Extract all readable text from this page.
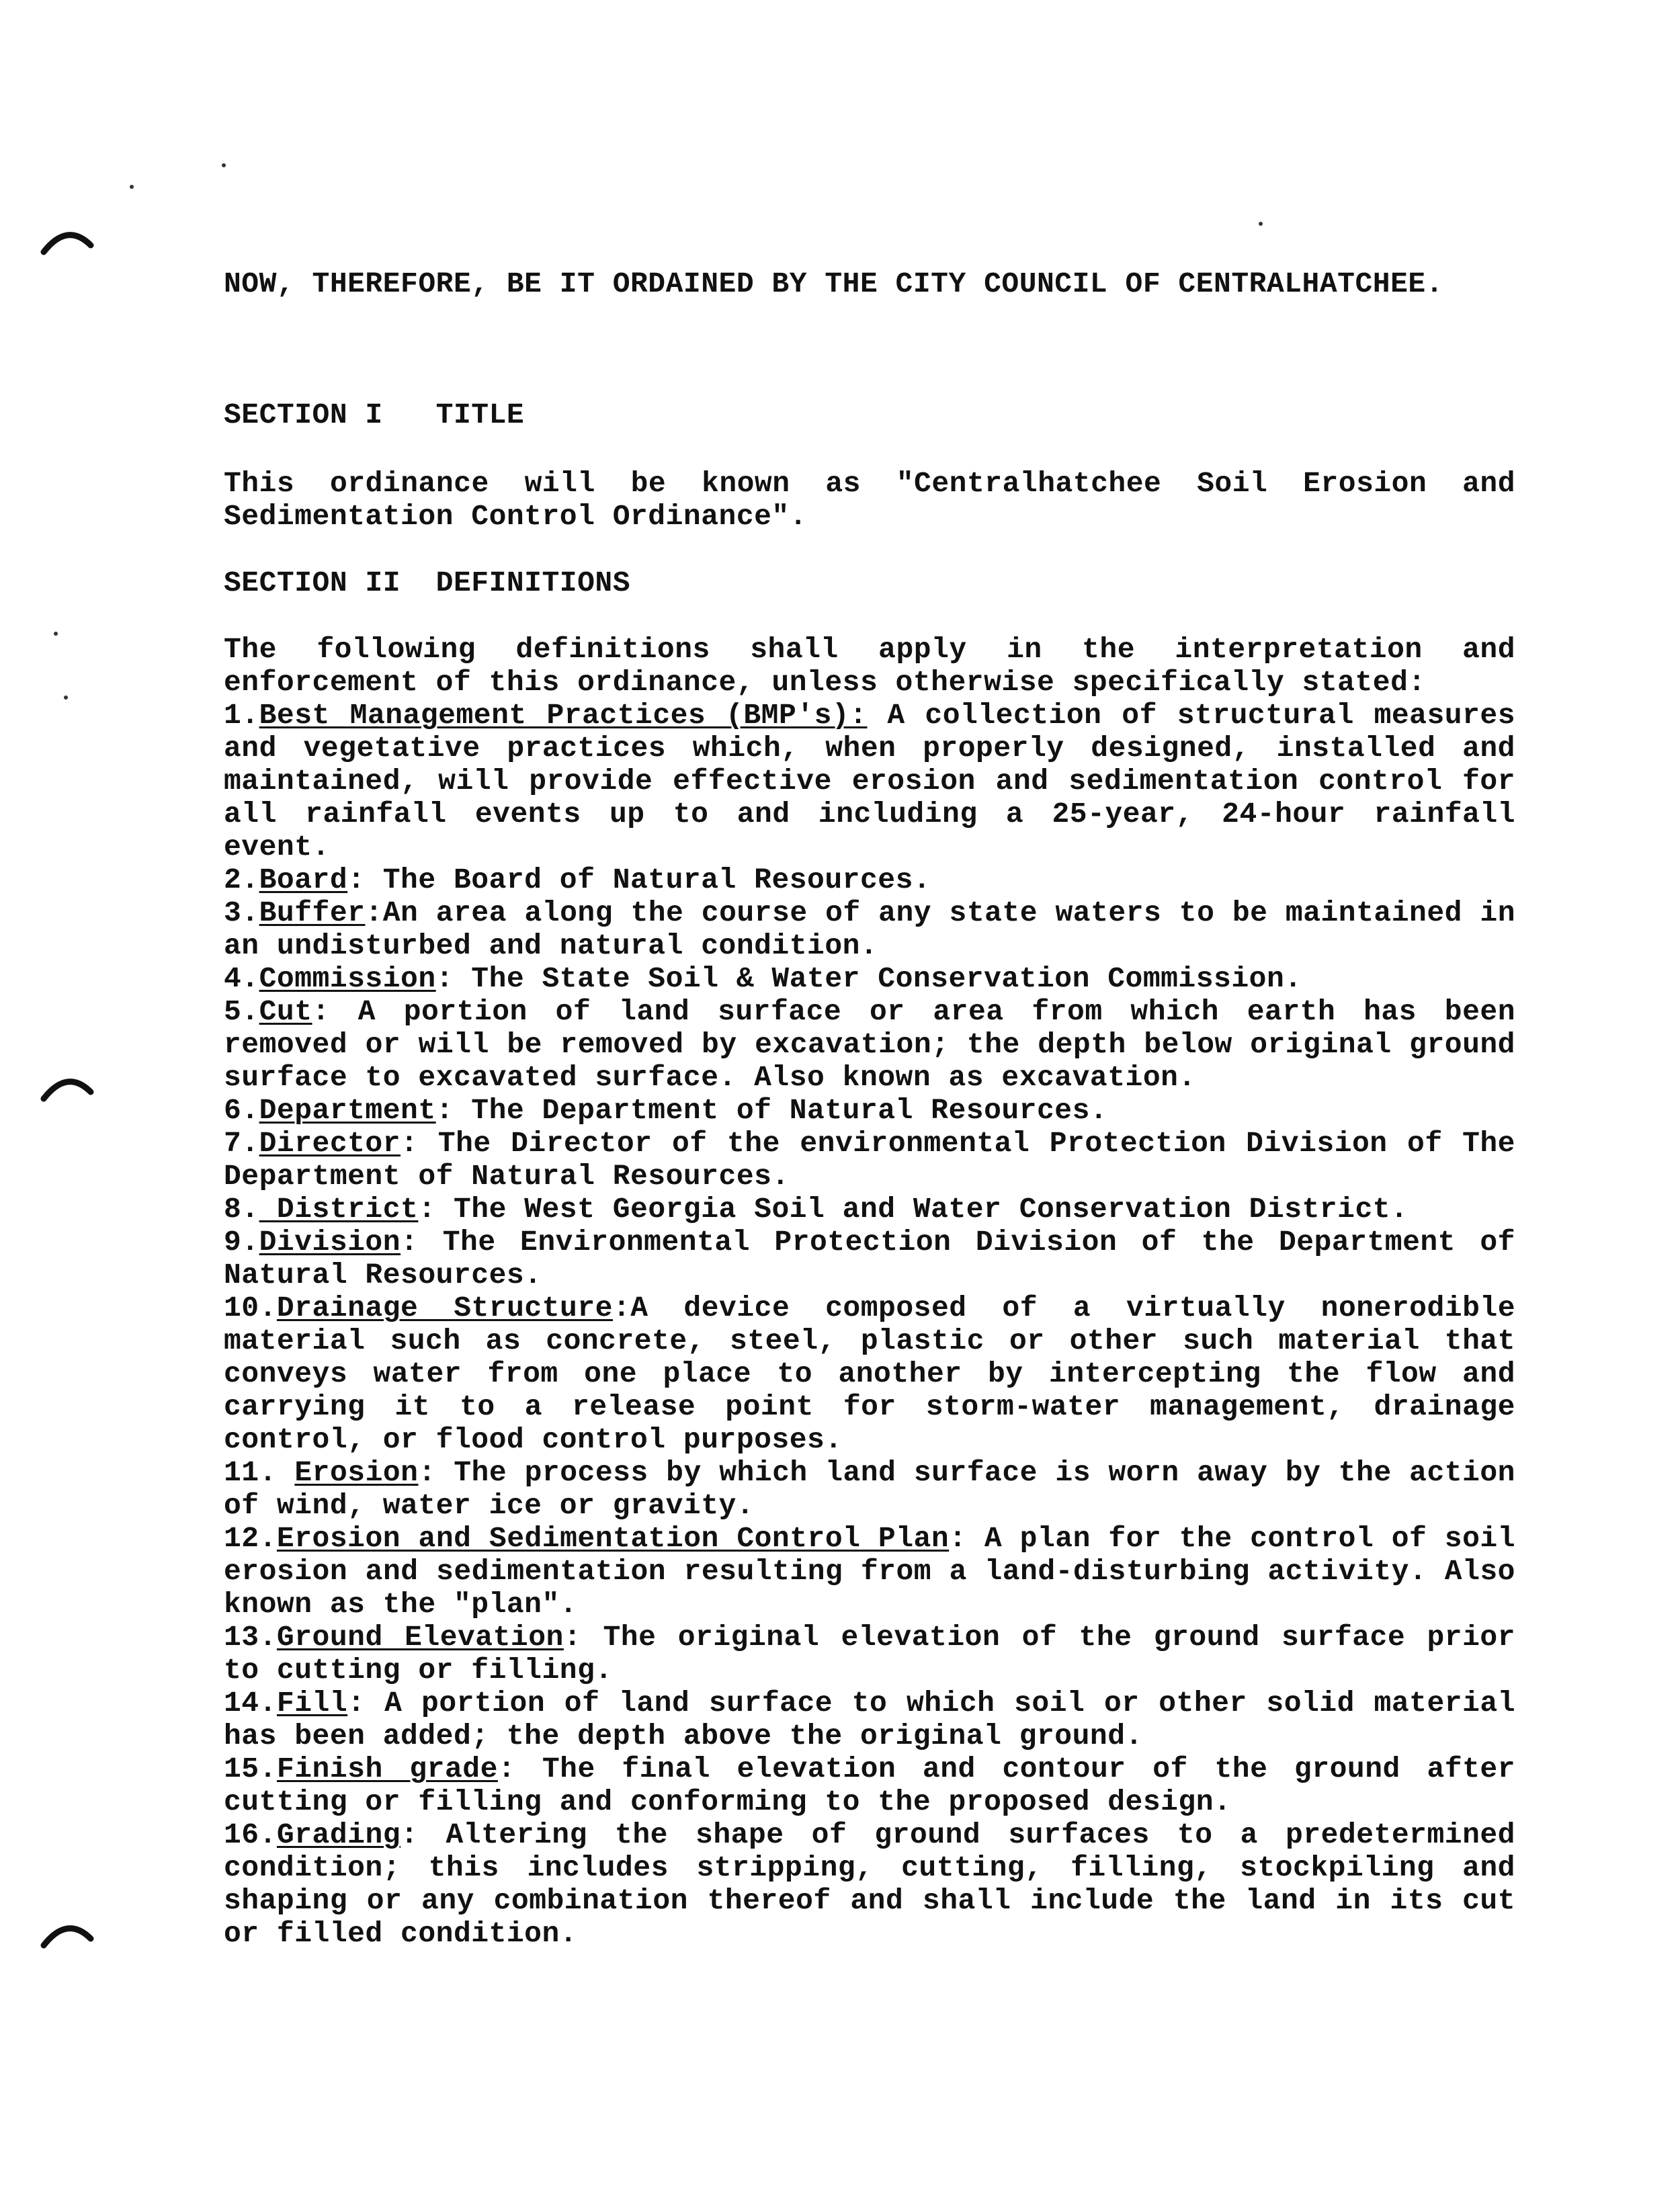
NOW, THEREFORE, BE IT ORDAINED BY THE CITY COUNCIL OF CENTRALHATCHEE.
SECTION I TITLE
This ordinance will be known as "Centralhatchee Soil Erosion and Sedimentation Control Ordinance".
SECTION II DEFINITIONS

The following definitions shall apply in the interpretation and enforcement of this ordinance, unless otherwise specifically stated:

1.Best Management Practices (BMP's): A collection of structural measures and vegetative practices which, when properly designed, installed and maintained, will provide effective erosion and sedimentation control for all rainfall events up to and including a 25-year, 24-hour rainfall event.

2.Board: The Board of Natural Resources.

3.Buffer:An area along the course of any state waters to be maintained in an undisturbed and natural condition.

4.Commission: The State Soil & Water Conservation Commission.

5.Cut: A portion of land surface or area from which earth has been removed or will be removed by excavation; the depth below original ground surface to excavated surface. Also known as excavation.

6.Department: The Department of Natural Resources.

7.Director: The Director of the environmental Protection Division of The Department of Natural Resources.

8. District: The West Georgia Soil and Water Conservation District.

9.Division: The Environmental Protection Division of the Department of Natural Resources.

10.Drainage Structure:A device composed of a virtually nonerodible material such as concrete, steel, plastic or other such material that conveys water from one place to another by intercepting the flow and carrying it to a release point for storm-water management, drainage control, or flood control purposes.

11. Erosion: The process by which land surface is worn away by the action of wind, water ice or gravity.

12.Erosion and Sedimentation Control Plan: A plan for the control of soil erosion and sedimentation resulting from a land-disturbing activity. Also known as the "plan".

13.Ground Elevation: The original elevation of the ground surface prior to cutting or filling.

14.Fill: A portion of land surface to which soil or other solid material has been added; the depth above the original ground.

15.Finish grade: The final elevation and contour of the ground after cutting or filling and conforming to the proposed design.

16.Grading: Altering the shape of ground surfaces to a predetermined condition; this includes stripping, cutting, filling, stockpiling and shaping or any combination thereof and shall include the land in its cut or filled condition.
